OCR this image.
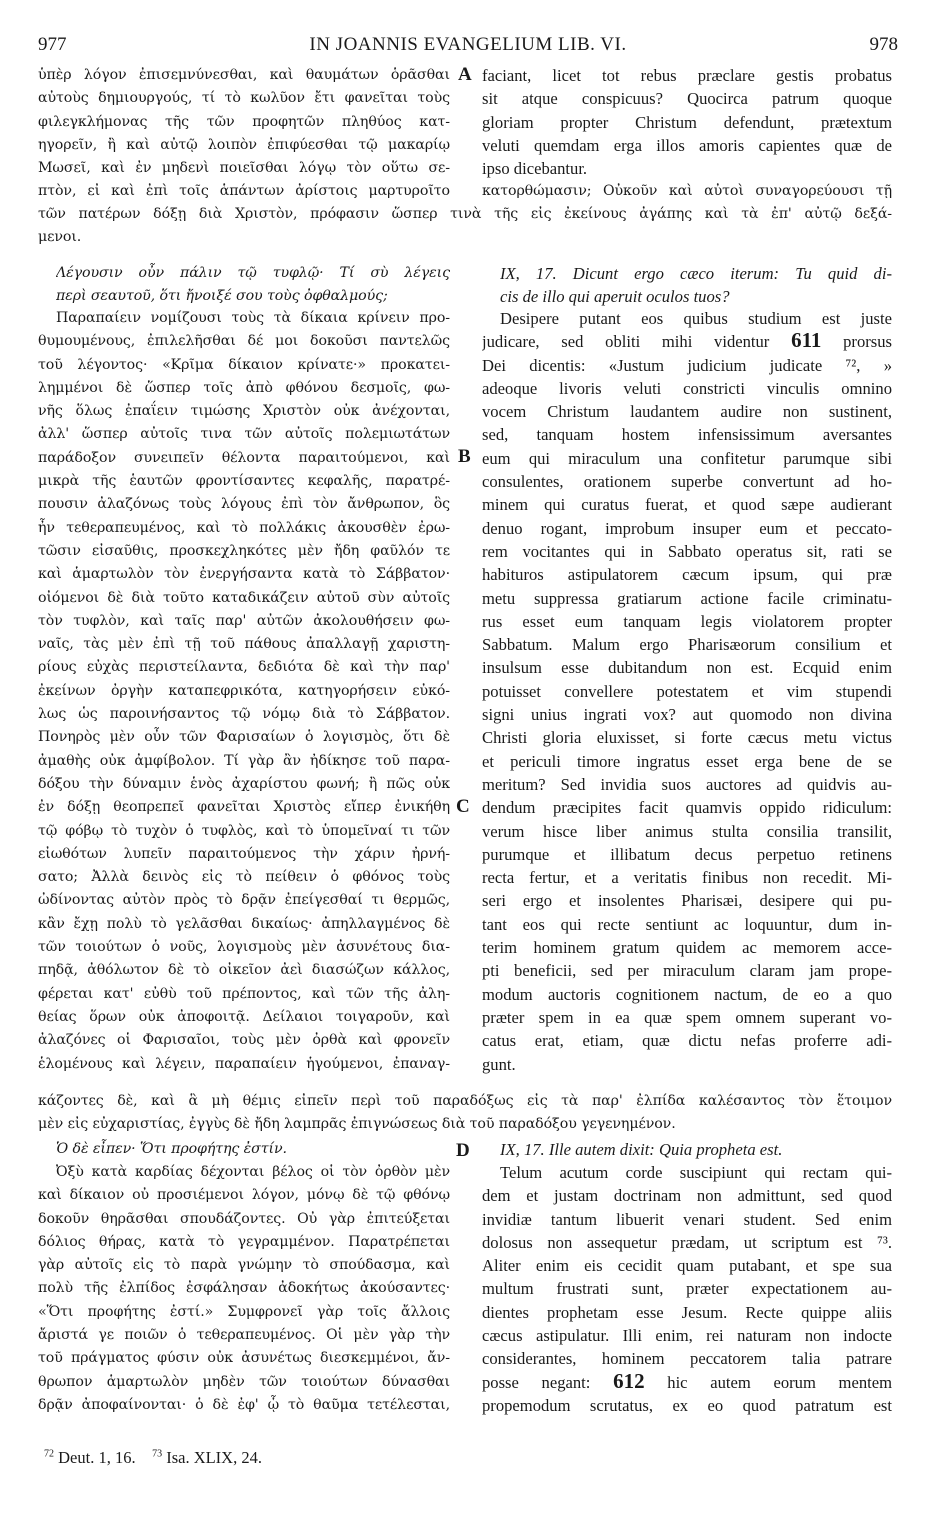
977	IN JOANNIS EVANGELIUM LIB. VI.	978
ὑπὲρ λόγον ἐπισεμνύνεσθαι, καὶ θαυμάτων ὁρᾶσθαι
αὐτοὺς δημιουργούς, τί τὸ κωλῦον ἔτι φανεῖται τοὺς
φιλεγκλήμονας τῆς τῶν προφητῶν πληθύος κατ-
ηγορεῖν, ἢ καὶ αὐτῷ λοιπὸν ἐπιφύεσθαι τῷ μακαρίῳ
Μωσεῖ, καὶ ἐν μηδενὶ ποιεῖσθαι λόγῳ τὸν οὕτω σε-
πτὸν, εἰ καὶ ἐπὶ τοῖς ἁπάντων ἀρίστοις μαρτυροῖτο
faciant, licet tot rebus præclare gestis probatus
sit atque conspicuus? Quocirca patrum quoque
gloriam propter Christum defendunt, prætextum
veluti quemdam erga illos amoris capientes quæ de
ipso dicebantur.
κατορθώμασιν; Οὐκοῦν καὶ αὐτοὶ συναγορεύουσι τῇ
τῶν πατέρων δόξῃ διὰ Χριστὸν, πρόφασιν ὥσπερ τινὰ τῆς εἰς ἐκείνους ἀγάπης καὶ τὰ ἐπ' αὐτῷ δεξά-
μενοι.
Λέγουσιν οὖν πάλιν τῷ τυφλῷ· Τί σὺ λέγεις
περὶ σεαυτοῦ, ὅτι ἤνοιξέ σου τοὺς ὀφθαλμούς;
IX, 17. Dicunt ergo cæco iterum: Tu quid di-
cis de illo qui aperuit oculos tuos?
Παραπαίειν νομίζουσι τοὺς τὰ δίκαια κρίνειν προ-
θυμουμένους, ἐπιλελῆσθαι δέ μοι δοκοῦσι παντελῶς
τοῦ λέγοντος· «Κρῖμα δίκαιον κρίνατε·» προκατει-
λημμένοι δὲ ὥσπερ τοῖς ἀπὸ φθόνου δεσμοῖς, φω-
νῆς ὅλως ἐπαΐειν τιμώσης Χριστὸν οὐκ ἀνέχονται,
ἀλλ' ὥσπερ αὐτοῖς τινα τῶν αὐτοῖς πολεμιωτάτων
παράδοξον συνειπεῖν θέλοντα παραιτούμενοι, καὶ
μικρὰ τῆς ἑαυτῶν φροντίσαντες κεφαλῆς, παρατρέ-
πουσιν ἀλαζόνως τοὺς λόγους ἐπὶ τὸν ἄνθρωπον, ὃς
ἦν τεθεραπευμένος, καὶ τὸ πολλάκις ἀκουσθὲν ἐρω-
τῶσιν εἰσαῦθις, προσκεχληκότες μὲν ἤδη φαῦλόν τε
καὶ ἁμαρτωλὸν τὸν ἐνεργήσαντα κατὰ τὸ Σάββατον·
οἰόμενοι δὲ διὰ τοῦτο καταδικάζειν αὐτοῦ σὺν αὐτοῖς
τὸν τυφλὸν, καὶ ταῖς παρ' αὐτῶν ἀκολουθήσειν φω-
ναῖς, τὰς μὲν ἐπὶ τῇ τοῦ πάθους ἀπαλλαγῇ χαριστη-
ρίους εὐχὰς περιστείλαντα, δεδιότα δὲ καὶ τὴν παρ'
ἐκείνων ὀργὴν καταπεφρικότα, κατηγορήσειν εὐκό-
λως ὡς παροινήσαντος τῷ νόμῳ διὰ τὸ Σάββατον.
Πονηρὸς μὲν οὖν τῶν Φαρισαίων ὁ λογισμὸς, ὅτι δὲ
ἀμαθὴς οὐκ ἀμφίβολον. Τί γὰρ ἂν ἠδίκησε τοῦ παρα-
δόξου τὴν δύναμιν ἑνὸς ἀχαρίστου φωνή; ἢ πῶς οὐκ
ἐν δόξῃ θεοπρεπεῖ φανεῖται Χριστὸς εἴπερ ἐνικήθη
τῷ φόβῳ τὸ τυχὸν ὁ τυφλὸς, καὶ τὸ ὑπομεῖναί τι τῶν
εἰωθότων λυπεῖν παραιτούμενος τὴν χάριν ἠρνή-
σατο; Ἀλλὰ δεινὸς εἰς τὸ πείθειν ὁ φθόνος τοὺς
ὠδίνοντας αὐτὸν πρὸς τὸ δρᾷν ἐπείγεσθαί τι θερμῶς,
κἂν ἔχῃ πολὺ τὸ γελᾶσθαι δικαίως· ἀπηλλαγμένος δὲ
τῶν τοιούτων ὁ νοῦς, λογισμοὺς μὲν ἀσυνέτους δια-
πηδᾷ, ἀθόλωτον δὲ τὸ οἰκεῖον ἀεὶ διασώζων κάλλος,
φέρεται κατ' εὐθὺ τοῦ πρέποντος, καὶ τῶν τῆς ἀλη-
θείας ὅρων οὐκ ἀποφοιτᾷ. Δείλαιοι τοιγαροῦν, καὶ
ἀλαζόνες οἱ Φαρισαῖοι, τοὺς μὲν ὀρθὰ καὶ φρονεῖν
ἑλομένους καὶ λέγειν, παραπαίειν ἡγούμενοι, ἐπαναγ-
Desipere putant eos quibus studium est juste
judicare, sed obliti mihi videntur 611 prorsus
Dei dicentis: «Justum judicium judicate ⁷², »
adeoque livoris veluti constricti vinculis omnino
vocem Christum laudantem audire non sustinent,
sed, tanquam hostem infensissimum aversantes
eum qui miraculum una confitetur parumque sibi
consulentes, orationem superbe convertunt ad ho-
minem qui curatus fuerat, et quod sæpe audierant
denuo rogant, improbum insuper eum et peccato-
rem vocitantes qui in Sabbato operatus sit, rati se
habituros astipulatorem cæcum ipsum, qui præ
metu suppressa gratiarum actione facile criminatu-
rus esset eum tanquam legis violatorem propter
Sabbatum. Malum ergo Pharisæorum consilium et
insulsum esse dubitandum non est. Ecquid enim
potuisset convellere potestatem et vim stupendi
signi unius ingrati vox? aut quomodo non divina
Christi gloria eluxisset, si forte cæcus metu victus
et periculi timore ingratus esset erga bene de se
meritum? Sed invidia suos auctores ad quidvis au-
dendum præcipites facit quamvis oppido ridiculum:
verum hisce liber animus stulta consilia transilit,
purumque et illibatum decus perpetuo retinens
recta fertur, et a veritatis finibus non recedit. Mi-
seri ergo et insolentes Pharisæi, desipere qui pu-
tant eos qui recte sentiunt ac loquuntur, dum in-
terim hominem gratum quidem ac memorem acce-
pti beneficii, sed per miraculum claram jam prope-
modum auctoris cognitionem nactum, de eo a quo
præter spem in ea quæ spem omnem superant vo-
catus erat, etiam, quæ dictu nefas proferre adi-
gunt.
κάζοντες δὲ, καὶ ἃ μὴ θέμις εἰπεῖν περὶ τοῦ παραδόξως εἰς τὰ παρ' ἐλπίδα καλέσαντος τὸν ἕτοιμον
μὲν εἰς εὐχαριστίας, ἐγγὺς δὲ ἤδη λαμπρᾶς ἐπιγνώσεως διὰ τοῦ παραδόξου γεγενημένον.
Ὁ δὲ εἶπεν· Ὅτι προφήτης ἐστίν.	IX, 17. Ille autem dixit: Quia propheta est.
Ὀξὺ κατὰ καρδίας δέχονται βέλος οἱ τὸν ὀρθὸν μὲν
καὶ δίκαιον οὐ προσιέμενοι λόγον, μόνῳ δὲ τῷ φθόνῳ
δοκοῦν θηρᾶσθαι σπουδάζοντες. Οὐ γὰρ ἐπιτεύξεται
δόλιος θήρας, κατὰ τὸ γεγραμμένον. Παρατρέπεται
γὰρ αὐτοῖς εἰς τὸ παρὰ γνώμην τὸ σπούδασμα, καὶ
πολὺ τῆς ἐλπίδος ἐσφάλησαν ἀδοκήτως ἀκούσαντες·
«Ὅτι προφήτης ἐστί.» Συμφρονεῖ γὰρ τοῖς ἄλλοις
ἄριστά γε ποιῶν ὁ τεθεραπευμένος. Οἱ μὲν γὰρ τὴν
τοῦ πράγματος φύσιν οὐκ ἀσυνέτως διεσκεμμένοι, ἄν-
θρωπον ἁμαρτωλὸν μηδὲν τῶν τοιούτων δύνασθαι
δρᾷν ἀποφαίνονται· ὁ δὲ ἐφ' ᾧ τὸ θαῦμα τετέλεσται,
Telum acutum corde suscipiunt qui rectam qui-
dem et justam doctrinam non admittunt, sed quod
invidiæ tantum libuerit venari student. Sed enim
dolosus non assequetur prædam, ut scriptum est ⁷³.
Aliter enim eis cecidit quam putabant, et spe sua
multum frustrati sunt, præter expectationem au-
dientes prophetam esse Jesum. Recte quippe aliis
cæcus astipulatur. Illi enim, rei naturam non indocte
considerantes, hominem peccatorem talia patrare
posse negant: 612 hic autem eorum mentem
propemodum scrutatus, ex eo quod patratum est
A
B
C
D
$^{72}$ Deut. 1, 16. $^{73}$ Isa. XLIX, 24.
